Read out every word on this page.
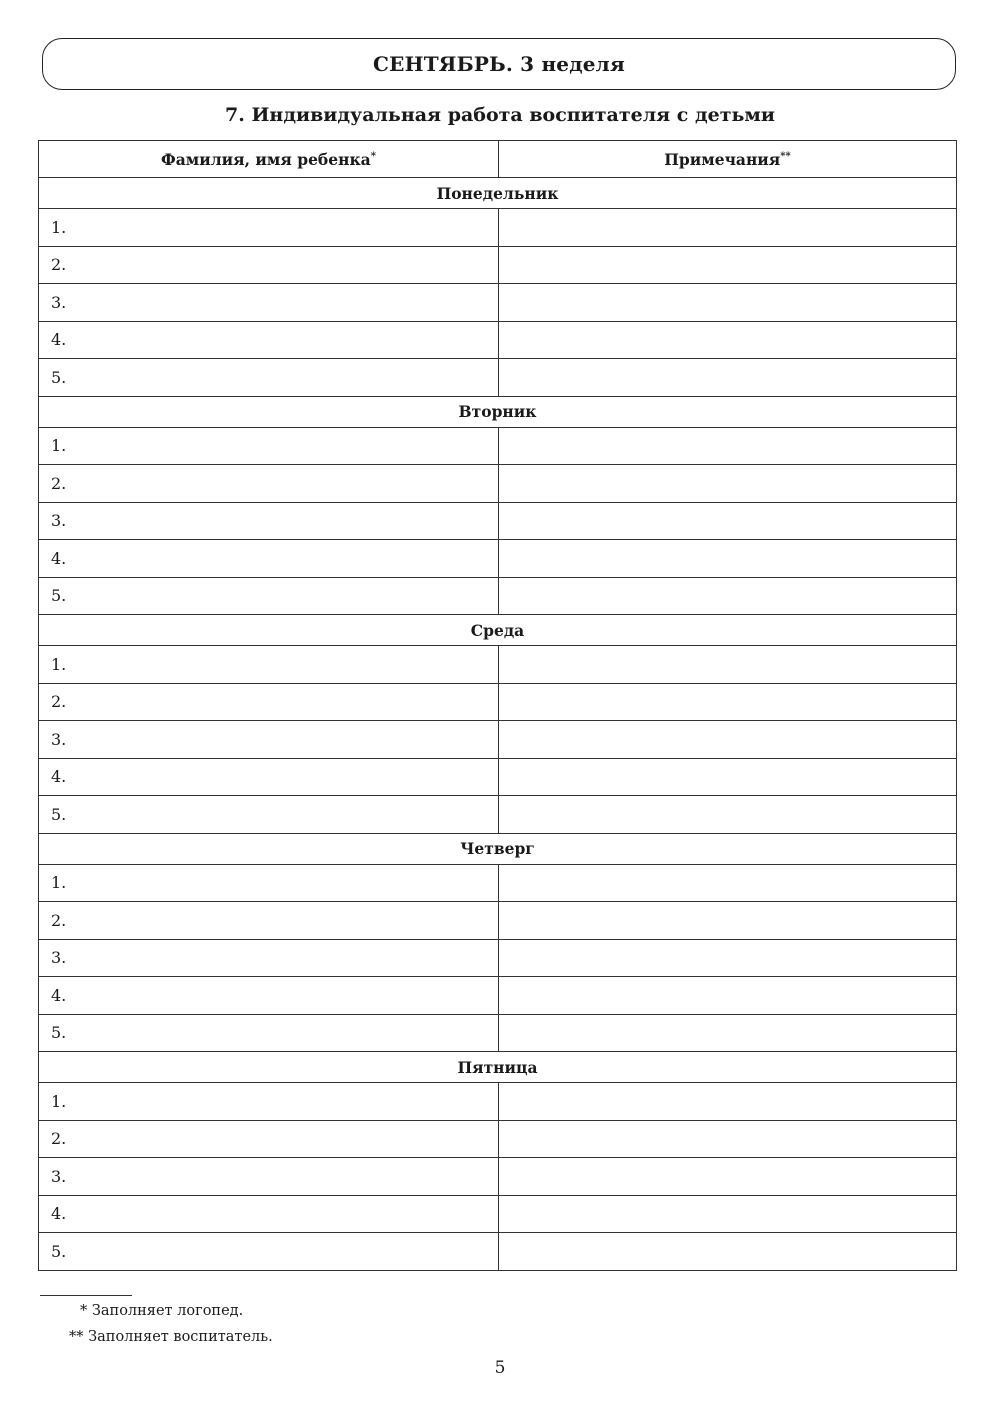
СЕНТЯБРЬ. 3 неделя
7. Индивидуальная работа воспитателя с детьми
Фамилия, имя ребенка*	Примечания**
Понедельник	
1.	
2.	
3.	
4.	
5.	
Вторник	
1.	
2.	
3.	
4.	
5.	
Среда	
1.	
2.	
3.	
4.	
5.	
Четверг	
1.	
2.	
3.	
4.	
5.	
Пятница	
1.	
2.	
3.	
4.	
5.	
* Заполняет логопед.
** Заполняет воспитатель.
5
